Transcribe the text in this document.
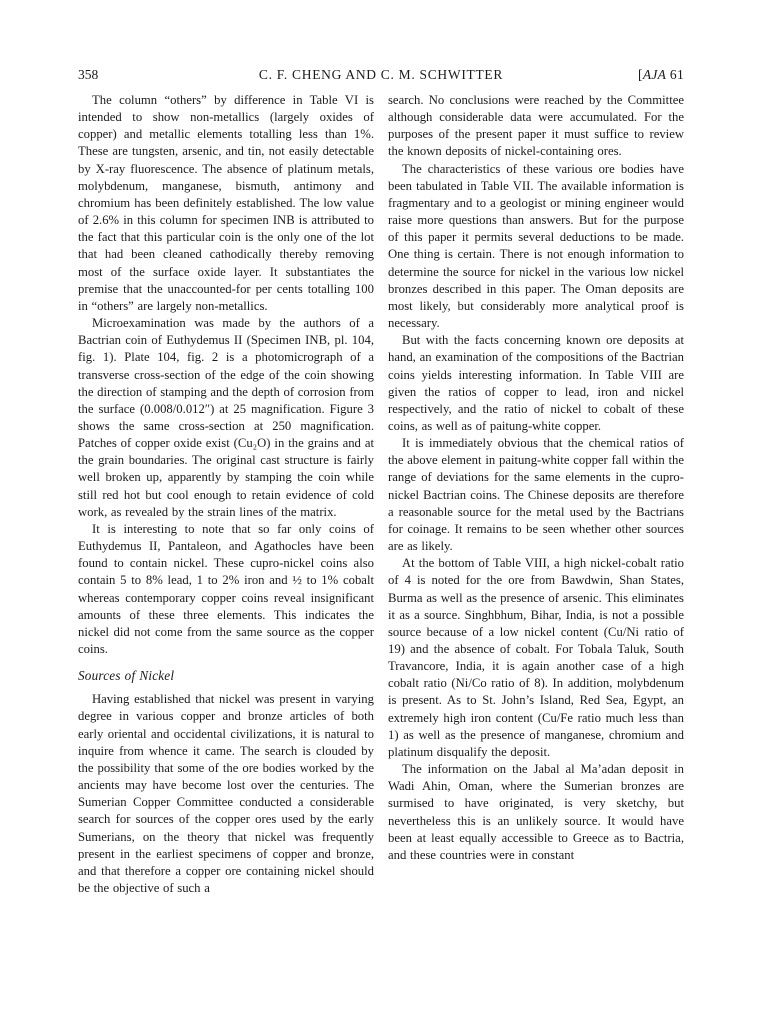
358	C. F. CHENG AND C. M. SCHWITTER	[AJA 61

The column “others” by difference in Table VI is intended to show non-metallics (largely oxides of copper) and metallic elements totalling less than 1%. These are tungsten, arsenic, and tin, not easily detectable by X-ray fluorescence. The absence of platinum metals, molybdenum, manganese, bismuth, antimony and chromium has been definitely established. The low value of 2.6% in this column for specimen INB is attributed to the fact that this particular coin is the only one of the lot that had been cleaned cathodically thereby removing most of the surface oxide layer. It substantiates the premise that the unaccounted-for per cents totalling 100 in “others” are largely non-metallics.

Microexamination was made by the authors of a Bactrian coin of Euthydemus II (Specimen INB, pl. 104, fig. 1). Plate 104, fig. 2 is a photomicrograph of a transverse cross-section of the edge of the coin showing the direction of stamping and the depth of corrosion from the surface (0.008/0.012″) at 25 magnification. Figure 3 shows the same cross-section at 250 magnification. Patches of copper oxide exist (Cu₂O) in the grains and at the grain boundaries. The original cast structure is fairly well broken up, apparently by stamping the coin while still red hot but cool enough to retain evidence of cold work, as revealed by the strain lines of the matrix.

It is interesting to note that so far only coins of Euthydemus II, Pantaleon, and Agathocles have been found to contain nickel. These cupro-nickel coins also contain 5 to 8% lead, 1 to 2% iron and ½ to 1% cobalt whereas contemporary copper coins reveal insignificant amounts of these three elements. This indicates the nickel did not come from the same source as the copper coins.

Sources of Nickel

Having established that nickel was present in varying degree in various copper and bronze articles of both early oriental and occidental civilizations, it is natural to inquire from whence it came. The search is clouded by the possibility that some of the ore bodies worked by the ancients may have become lost over the centuries. The Sumerian Copper Committee conducted a considerable search for sources of the copper ores used by the early Sumerians, on the theory that nickel was frequently present in the earliest specimens of copper and bronze, and that therefore a copper ore containing nickel should be the objective of such a

search. No conclusions were reached by the Committee although considerable data were accumulated. For the purposes of the present paper it must suffice to review the known deposits of nickel-containing ores.

The characteristics of these various ore bodies have been tabulated in Table VII. The available information is fragmentary and to a geologist or mining engineer would raise more questions than answers. But for the purpose of this paper it permits several deductions to be made. One thing is certain. There is not enough information to determine the source for nickel in the various low nickel bronzes described in this paper. The Oman deposits are most likely, but considerably more analytical proof is necessary.

But with the facts concerning known ore deposits at hand, an examination of the compositions of the Bactrian coins yields interesting information. In Table VIII are given the ratios of copper to lead, iron and nickel respectively, and the ratio of nickel to cobalt of these coins, as well as of paitung-white copper.

It is immediately obvious that the chemical ratios of the above element in paitung-white copper fall within the range of deviations for the same elements in the cupro-nickel Bactrian coins. The Chinese deposits are therefore a reasonable source for the metal used by the Bactrians for coinage. It remains to be seen whether other sources are as likely.

At the bottom of Table VIII, a high nickel-cobalt ratio of 4 is noted for the ore from Bawdwin, Shan States, Burma as well as the presence of arsenic. This eliminates it as a source. Singhbhum, Bihar, India, is not a possible source because of a low nickel content (Cu/Ni ratio of 19) and the absence of cobalt. For Tobala Taluk, South Travancore, India, it is again another case of a high cobalt ratio (Ni/Co ratio of 8). In addition, molybdenum is present. As to St. John’s Island, Red Sea, Egypt, an extremely high iron content (Cu/Fe ratio much less than 1) as well as the presence of manganese, chromium and platinum disqualify the deposit.

The information on the Jabal al Ma’adan deposit in Wadi Ahin, Oman, where the Sumerian bronzes are surmised to have originated, is very sketchy, but nevertheless this is an unlikely source. It would have been at least equally accessible to Greece as to Bactria, and these countries were in constant
